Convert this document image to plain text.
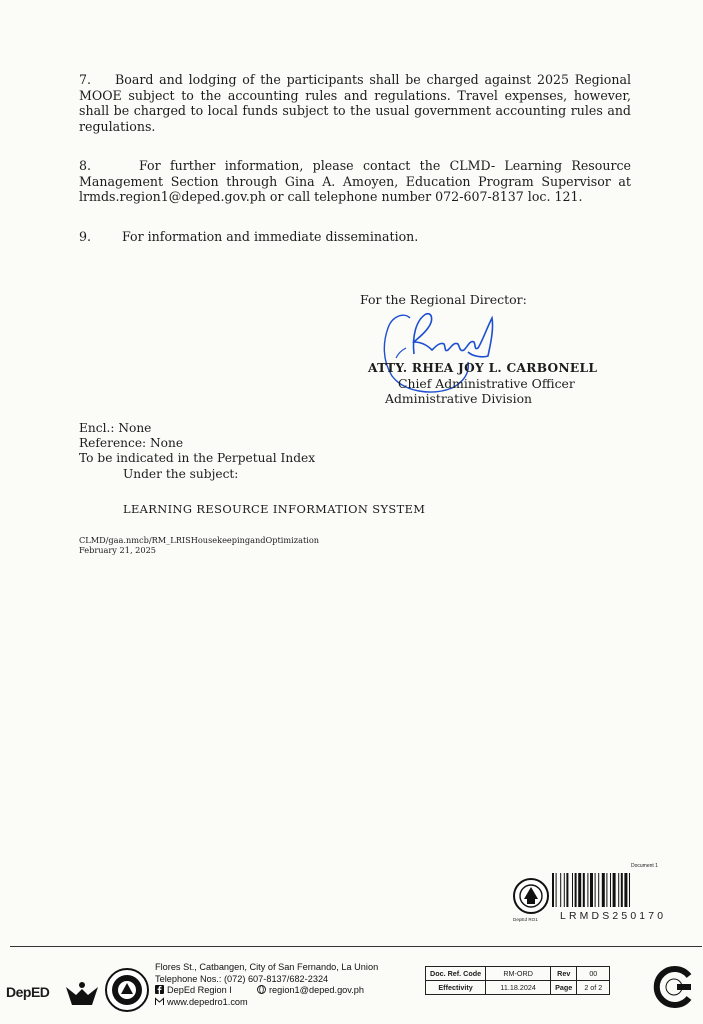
7. Board and lodging of the participants shall be charged against 2025 Regional MOOE subject to the accounting rules and regulations. Travel expenses, however, shall be charged to local funds subject to the usual government accounting rules and regulations.
8.	For further information, please contact the CLMD- Learning Resource Management Section through Gina A. Amoyen, Education Program Supervisor at lrmds.region1@deped.gov.ph or call telephone number 072-607-8137 loc. 121.
9. For information and immediate dissemination.
For the Regional Director:
ATTY. RHEA JOY L. CARBONELL
Chief Administrative Officer
Administrative Division
Encl.: None
Reference: None
To be indicated in the Perpetual Index
Under the subject:
LEARNING RESOURCE INFORMATION SYSTEM
CLMD/gaa.nmcb/RM_LRISHousekeepingandOptimization
February 21, 2025
Document 1
DepEd RO1 LRMDS250170
DepED
Flores St., Catbangen, City of San Fernando, La Union
Telephone Nos.: (072) 607-8137/682-2324
DepEd Region I	region1@deped.gov.ph
www.depedro1.com
Doc. Ref. Code	RM-ORD	Rev	00
Effectivity	11.18.2024	Page	2 of 2
